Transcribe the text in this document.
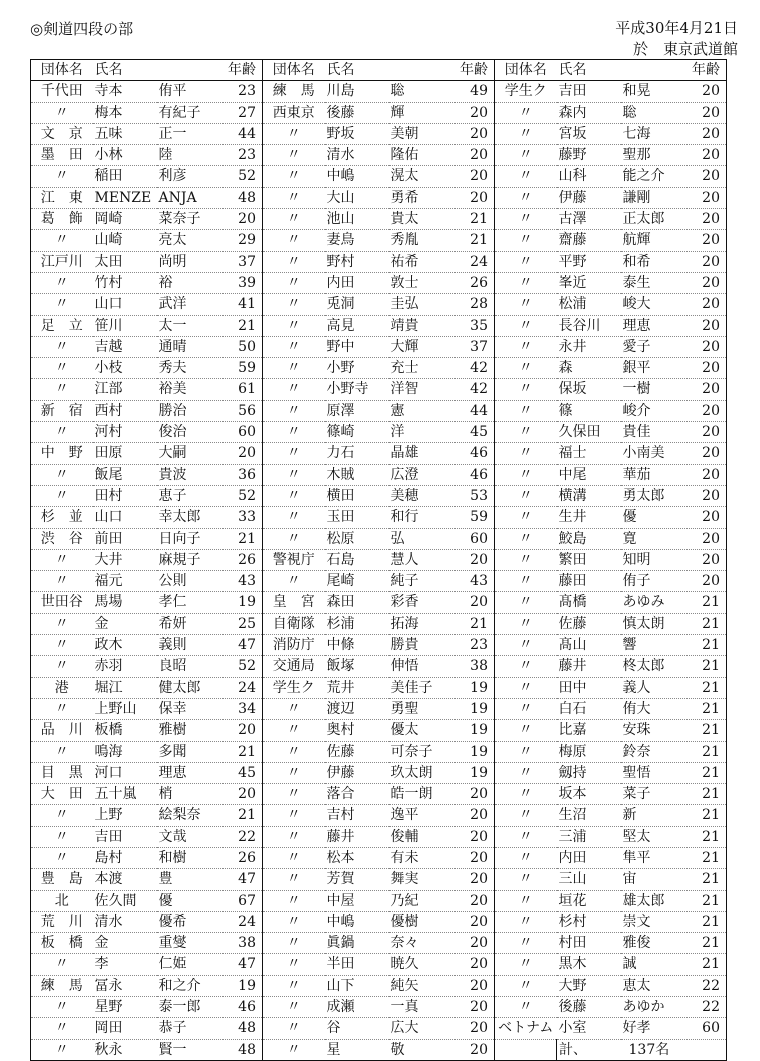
◎剣道四段の部	平成30年4月21日
於　東京武道館
団体名	氏名		年齢	団体名	氏名		年齢	団体名	氏名		年齢
千代田	寺本	侑平	23	練　馬	川島	聡	49	学生ク	吉田	和晃	20
〃	梅本	有紀子	27	西東京	後藤	輝	20	〃	森内	聡	20
文　京	五味	正一	44	〃	野坂	美朝	20	〃	宮坂	七海	20
墨　田	小林	陸	23	〃	清水	隆佑	20	〃	藤野	聖那	20
〃	稲田	利彦	52	〃	中嶋	滉太	20	〃	山科	能之介	20
江　東	MENZE	ANJA	48	〃	大山	勇希	20	〃	伊藤	謙剛	20
葛　飾	岡崎	菜奈子	20	〃	池山	貴太	21	〃	古澤	正太郎	20
〃	山崎	亮太	29	〃	妻鳥	秀胤	21	〃	齋藤	航輝	20
江戸川	太田	尚明	37	〃	野村	祐希	24	〃	平野	和希	20
〃	竹村	裕	39	〃	内田	敦士	26	〃	峯近	泰生	20
〃	山口	武洋	41	〃	兎洞	圭弘	28	〃	松浦	峻大	20
足　立	笹川	太一	21	〃	高見	靖貴	35	〃	長谷川	理恵	20
〃	吉越	通晴	50	〃	野中	大輝	37	〃	永井	愛子	20
〃	小枝	秀夫	59	〃	小野	充士	42	〃	森	銀平	20
〃	江部	裕美	61	〃	小野寺	洋智	42	〃	保坂	一樹	20
新　宿	西村	勝治	56	〃	原澤	憲	44	〃	篠	峻介	20
〃	河村	俊治	60	〃	篠崎	洋	45	〃	久保田	貴佳	20
中　野	田原	大嗣	20	〃	力石	晶雄	46	〃	福士	小南美	20
〃	飯尾	貴波	36	〃	木賊	広澄	46	〃	中尾	華茄	20
〃	田村	恵子	52	〃	横田	美穂	53	〃	横溝	勇太郎	20
杉　並	山口	幸太郎	33	〃	玉田	和行	59	〃	生井	優	20
渋　谷	前田	日向子	21	〃	松原	弘	60	〃	鮫島	寛	20
〃	大井	麻規子	26	警視庁	石島	慧人	20	〃	繁田	知明	20
〃	福元	公則	43	〃	尾崎	純子	43	〃	藤田	侑子	20
世田谷	馬場	孝仁	19	皇　宮	森田	彩香	20	〃	髙橋	あゆみ	21
〃	金	希妍	25	自衛隊	杉浦	拓海	21	〃	佐藤	慎太朗	21
〃	政木	義則	47	消防庁	中條	勝貴	23	〃	髙山	響	21
〃	赤羽	良昭	52	交通局	飯塚	伸悟	38	〃	藤井	柊太郎	21
港	堀江	健太郎	24	学生ク	荒井	美佳子	19	〃	田中	義人	21
〃	上野山	保幸	34	〃	渡辺	勇聖	19	〃	白石	侑大	21
品　川	板橋	雅樹	20	〃	奥村	優太	19	〃	比嘉	安珠	21
〃	鳴海	多聞	21	〃	佐藤	可奈子	19	〃	梅原	鈴奈	21
目　黒	河口	理恵	45	〃	伊藤	玖太朗	19	〃	劔持	聖悟	21
大　田	五十嵐	梢	20	〃	落合	皓一朗	20	〃	坂本	菜子	21
〃	上野	絵梨奈	21	〃	吉村	逸平	20	〃	生沼	新	21
〃	吉田	文哉	22	〃	藤井	俊輔	20	〃	三浦	堅太	21
〃	島村	和樹	26	〃	松本	有未	20	〃	内田	隼平	21
豊　島	本渡	豊	47	〃	芳賀	舞実	20	〃	三山	宙	21
北	佐久間	優	67	〃	中屋	乃紀	20	〃	垣花	雄太郎	21
荒　川	清水	優希	24	〃	中嶋	優樹	20	〃	杉村	崇文	21
板　橋	金	重燮	38	〃	眞鍋	奈々	20	〃	村田	雅俊	21
〃	李	仁姫	47	〃	半田	暁久	20	〃	黒木	誠	21
練　馬	冨永	和之介	19	〃	山下	純矢	20	〃	大野	恵太	22
〃	星野	泰一郎	46	〃	成瀬	一真	20	〃	後藤	あゆか	22
〃	岡田	恭子	48	〃	谷	広大	20	ベトナム	小室	好孝	60
〃	秋永	賢一	48	〃	星	敬	20		計、	137名	
